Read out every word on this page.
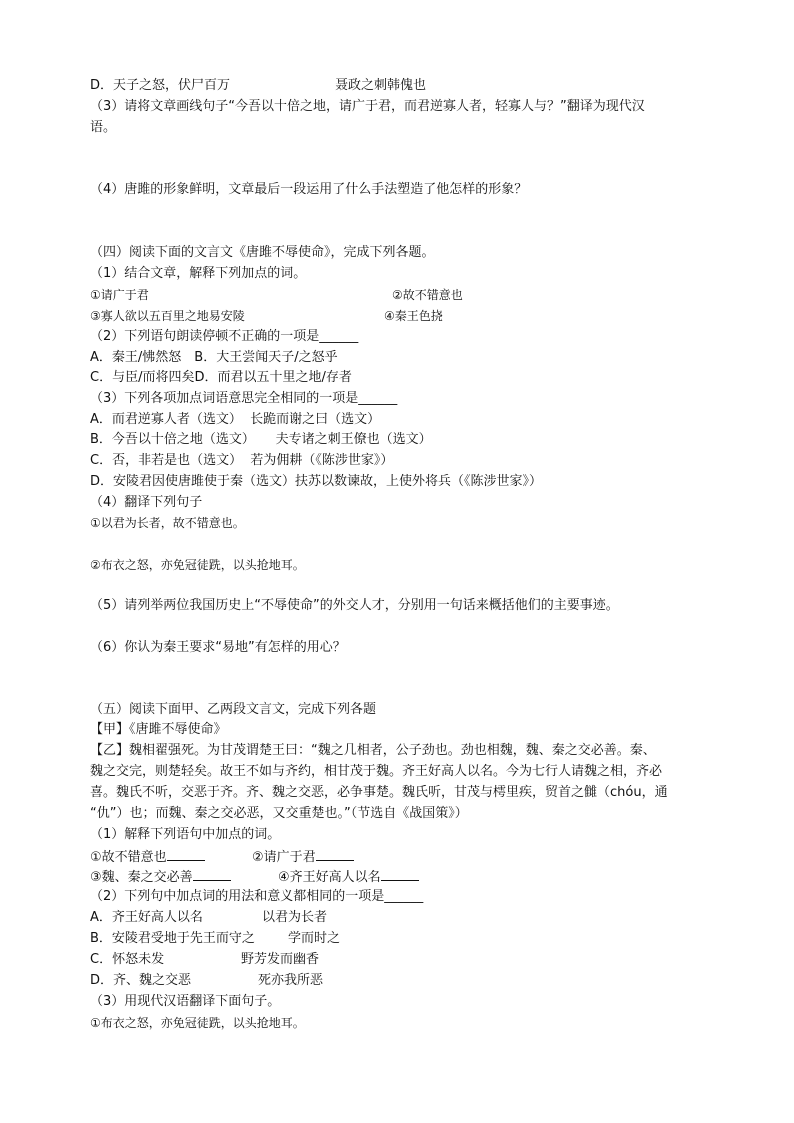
D．天子之怒，伏尸百万	聂政之刺韩傀也
（3）请将文章画线句子“今吾以十倍之地，请广于君，而君逆寡人者，轻寡人与？”翻译为现代汉
语。
（4）唐雎的形象鲜明，文章最后一段运用了什么手法塑造了他怎样的形象？
（四）阅读下面的文言文《唐雎不辱使命》，完成下列各题。
（1）结合文章，解释下列加点的词。
①请广于君	②故不错意也
③寡人欲以五百里之地易安陵	④秦王色挠
（2）下列语句朗读停顿不正确的一项是______
A．秦王/怫然怒　B．大王尝闻天子/之怒乎
C．与臣/而将四矣D．而君以五十里之地/存者
（3）下列各项加点词语意思完全相同的一项是______
A．而君逆寡人者（选文）  长跪而谢之曰（选文）
B．今吾以十倍之地（选文）     夫专诸之刺王僚也（选文）
C．否，非若是也（选文）  若为佣耕（《陈涉世家》）
D．安陵君因使唐雎使于秦（选文）扶苏以数谏故，上使外将兵（《陈涉世家》）
（4）翻译下列句子
①以君为长者，故不错意也。
②布衣之怒，亦免冠徒跣，以头抢地耳。
（5）请列举两位我国历史上“不辱使命”的外交人才，分别用一句话来概括他们的主要事迹。
（6）你认为秦王要求“易地”有怎样的用心？
（五）阅读下面甲、乙两段文言文，完成下列各题
【甲】《唐雎不辱使命》
【乙】魏相翟强死。为甘茂谓楚王曰：“魏之几相者，公子劲也。劲也相魏，魏、秦之交必善。秦、
魏之交完，则楚轻矣。故王不如与齐约，相甘茂于魏。齐王好高人以名。今为七行人请魏之相，齐必
喜。魏氏不听，交恶于齐。齐、魏之交恶，必争事楚。魏氏听，甘茂与樗里疾，贸首之雠（chóu，通
“仇”）也；而魏、秦之交必恶，又交重楚也。”（节选自《战国策》）
（1）解释下列语句中加点的词。
①故不错意也	②请广于君
③魏、秦之交必善	④齐王好高人以名
（2）下列句中加点词的用法和意义都相同的一项是______
A．齐王好高人以名	以君为长者
B．安陵君受地于先王而守之	学而时之
C．怀怒未发	野芳发而幽香
D．齐、魏之交恶	死亦我所恶
（3）用现代汉语翻译下面句子。
①布衣之怒，亦免冠徒跣，以头抢地耳。
